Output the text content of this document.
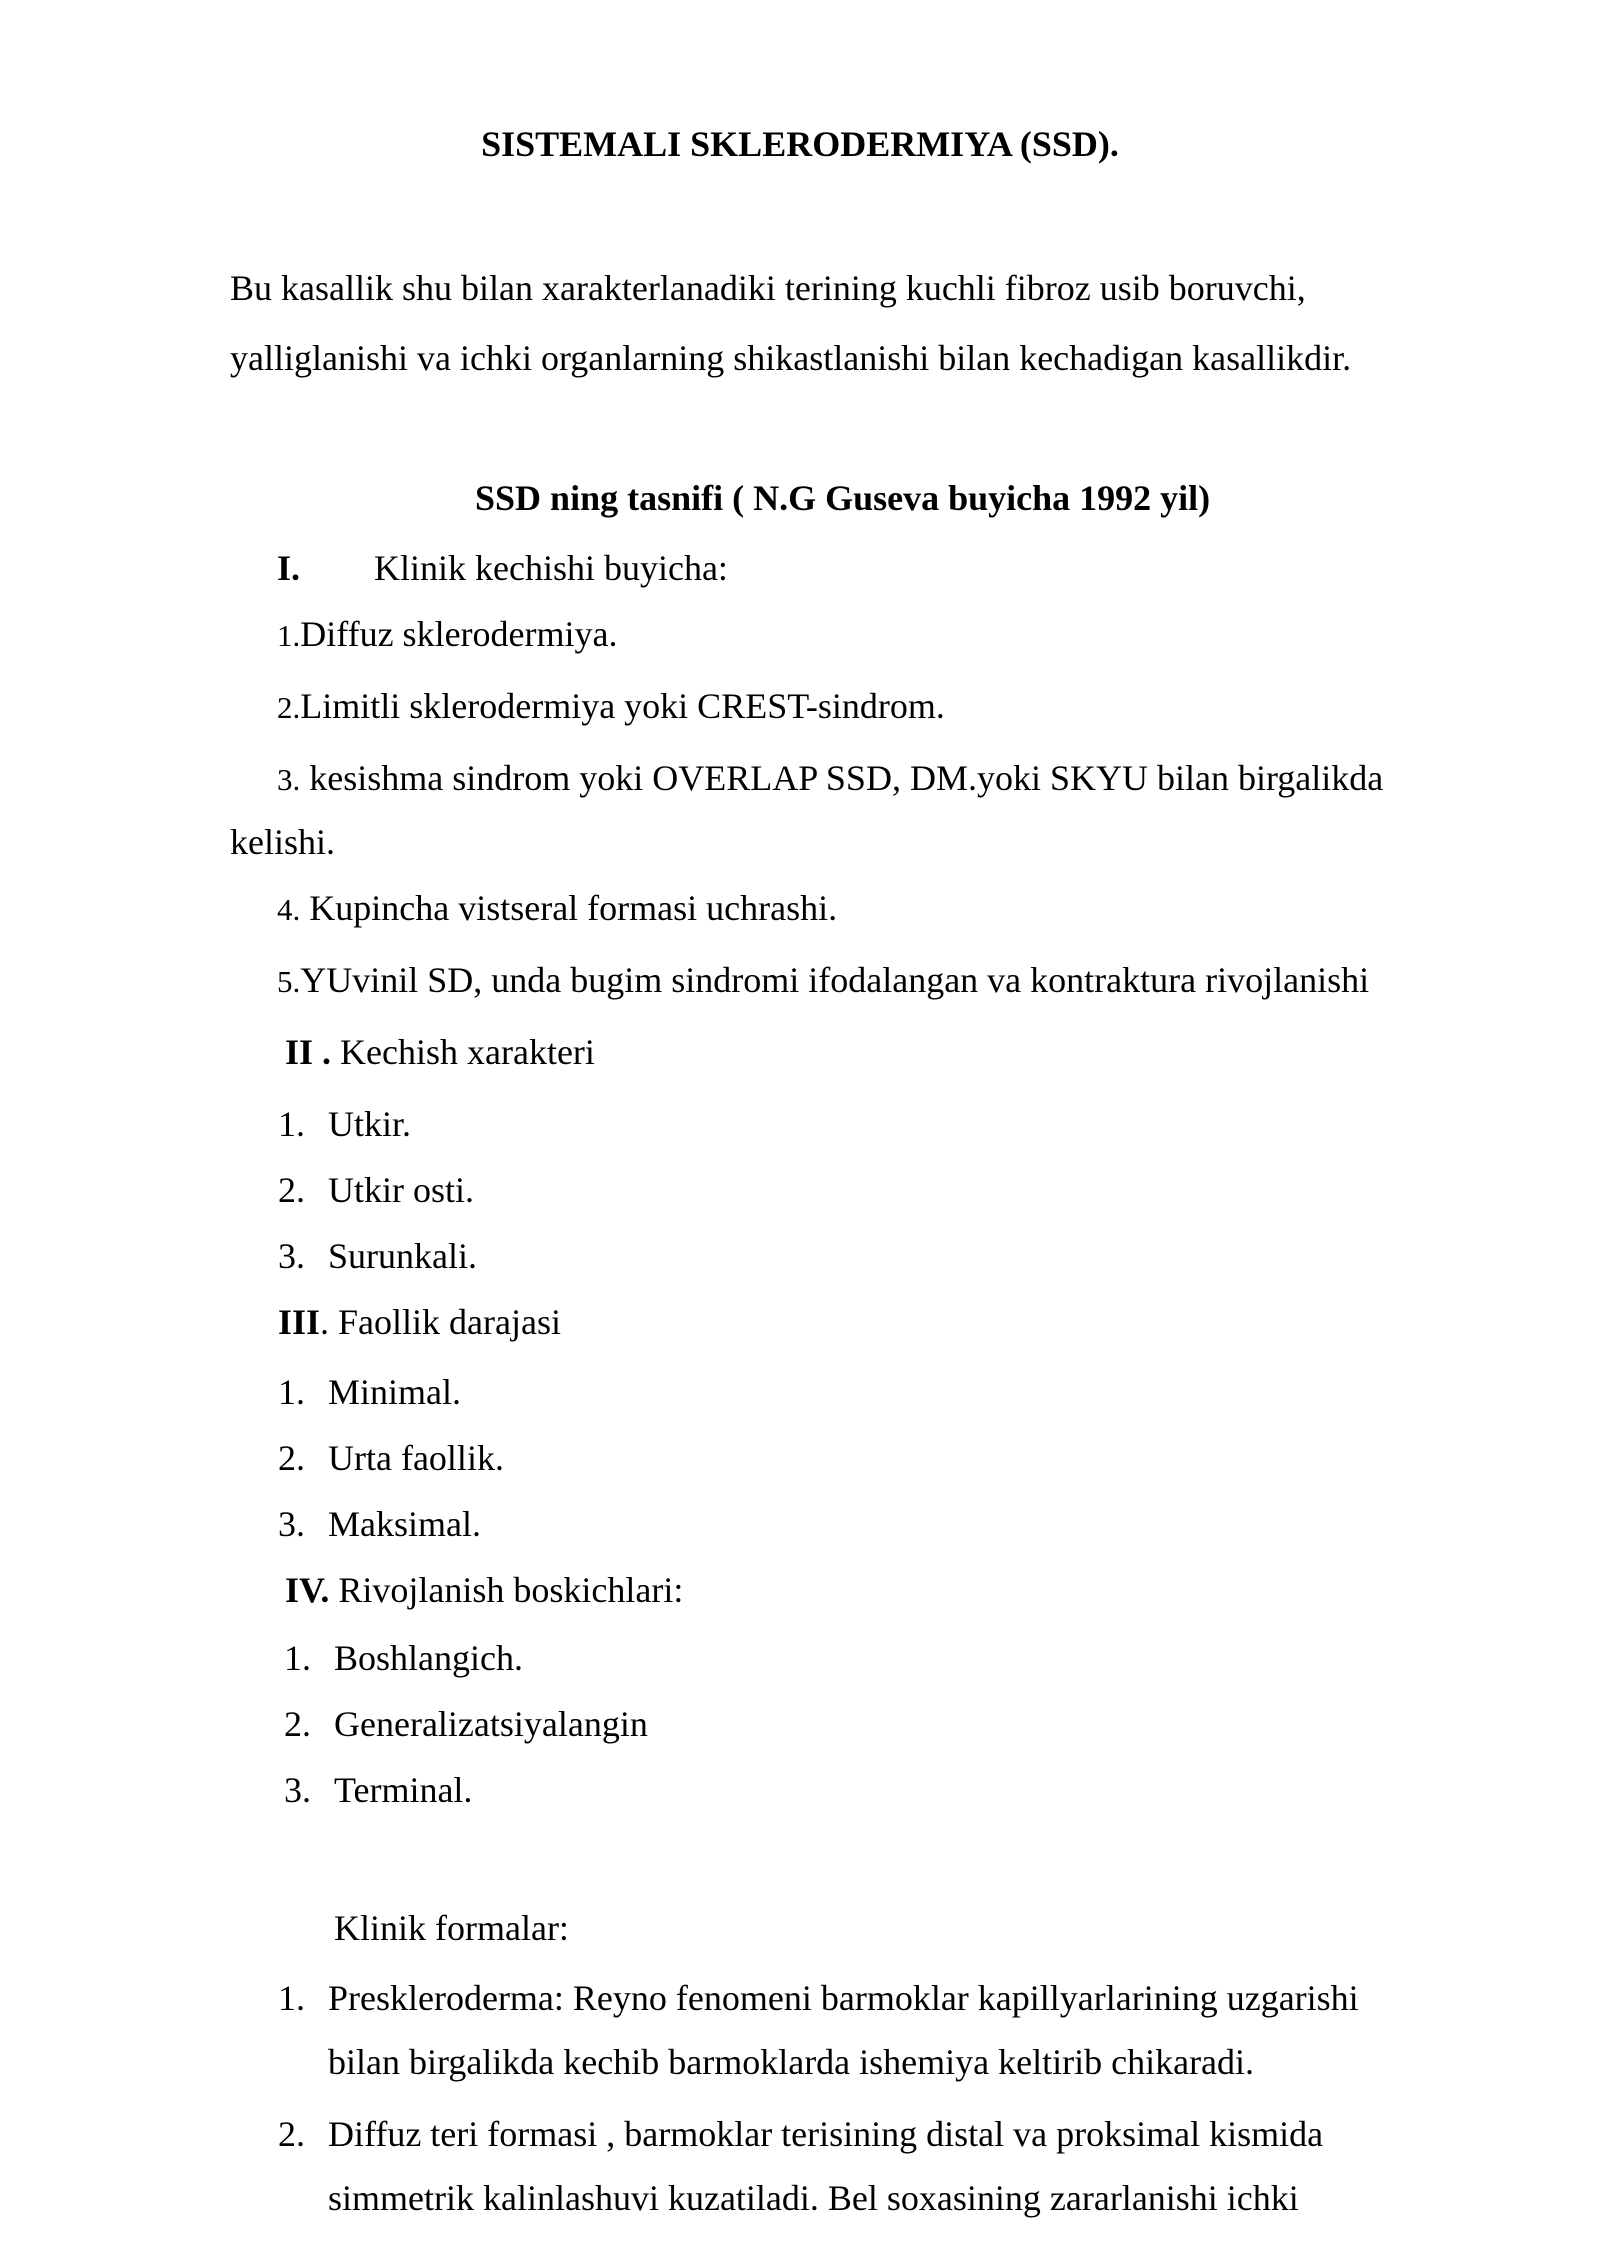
SISTEMALI SKLERODERMIYA (SSD).
Bu kasallik shu bilan xarakterlanadiki terining kuchli fibroz usib boruvchi,
yalliglanishi va ichki organlarning shikastlanishi bilan kechadigan kasallikdir.
SSD ning tasnifi ( N.G Guseva buyicha 1992 yil)
I. Klinik kechishi buyicha:
1.Diffuz sklerodermiya.
2.Limitli sklerodermiya yoki CREST-sindrom.
3. kesishma sindrom yoki OVERLAP SSD, DM.yoki SKYU bilan birgalikda
kelishi.
4. Kupincha vistseral formasi uchrashi.
5.YUvinil SD, unda bugim sindromi ifodalangan va kontraktura rivojlanishi
II . Kechish xarakteri
1. Utkir.
2. Utkir osti.
3. Surunkali.
III. Faollik darajasi
1. Minimal.
2. Urta faollik.
3. Maksimal.
IV. Rivojlanish boskichlari:
1. Boshlangich.
2. Generalizatsiyalangin
3. Terminal.
Klinik formalar:
1. Preskleroderma: Reyno fenomeni barmoklar kapillyarlarining uzgarishi
bilan birgalikda kechib barmoklarda ishemiya keltirib chikaradi.
2. Diffuz teri formasi , barmoklar terisining distal va proksimal kismida
simmetrik kalinlashuvi kuzatiladi. Bel soxasining zararlanishi ichki
